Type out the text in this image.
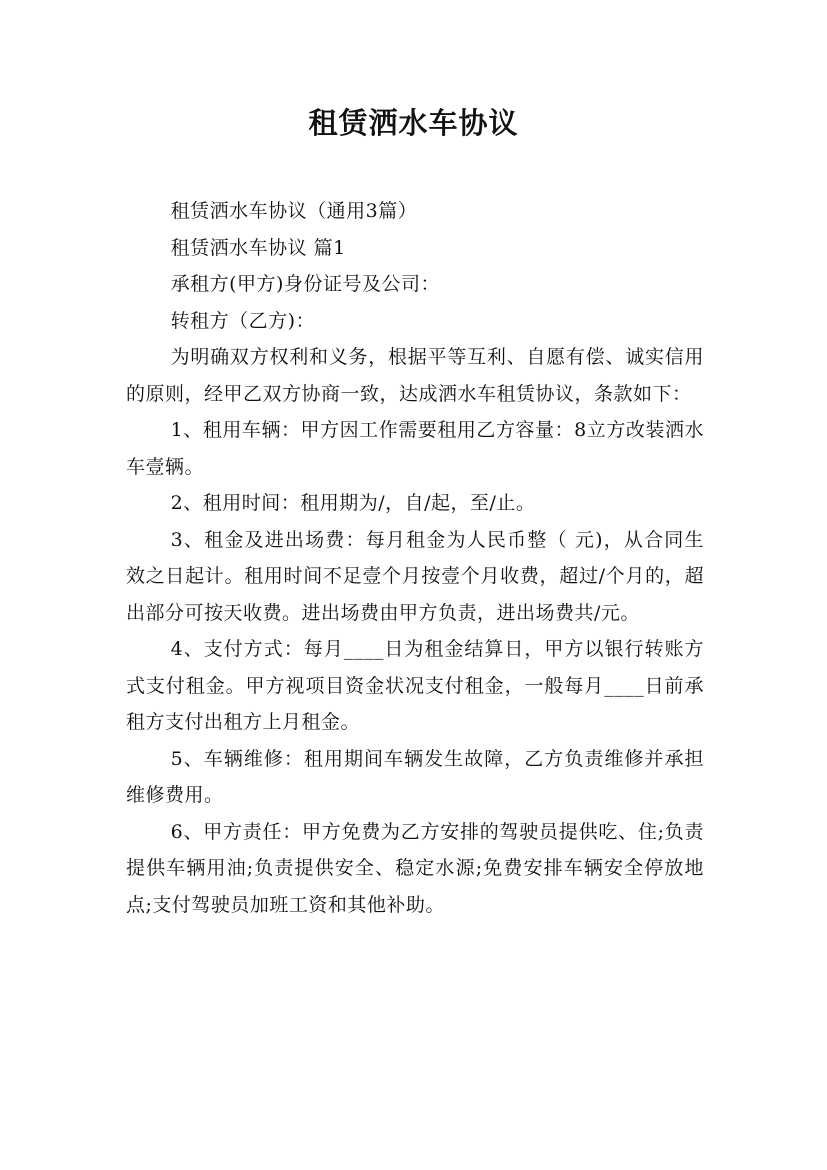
租赁洒水车协议

租赁洒水车协议（通用3篇）

租赁洒水车协议 篇1

承租方(甲方)身份证号及公司：

转租方（乙方)：

为明确双方权利和义务，根据平等互利、自愿有偿、诚实信用的原则，经甲乙双方协商一致，达成洒水车租赁协议，条款如下：

1、租用车辆：甲方因工作需要租用乙方容量：8立方改装洒水车壹辆。

2、租用时间：租用期为/，自/起，至/止。

3、租金及进出场费：每月租金为人民币整（ 元)，从合同生效之日起计。租用时间不足壹个月按壹个月收费，超过/个月的，超出部分可按天收费。进出场费由甲方负责，进出场费共/元。

4、支付方式：每月____日为租金结算日，甲方以银行转账方式支付租金。甲方视项目资金状况支付租金，一般每月____日前承租方支付出租方上月租金。

5、车辆维修：租用期间车辆发生故障，乙方负责维修并承担维修费用。

6、甲方责任：甲方免费为乙方安排的驾驶员提供吃、住;负责提供车辆用油;负责提供安全、稳定水源;免费安排车辆安全停放地点;支付驾驶员加班工资和其他补助。
